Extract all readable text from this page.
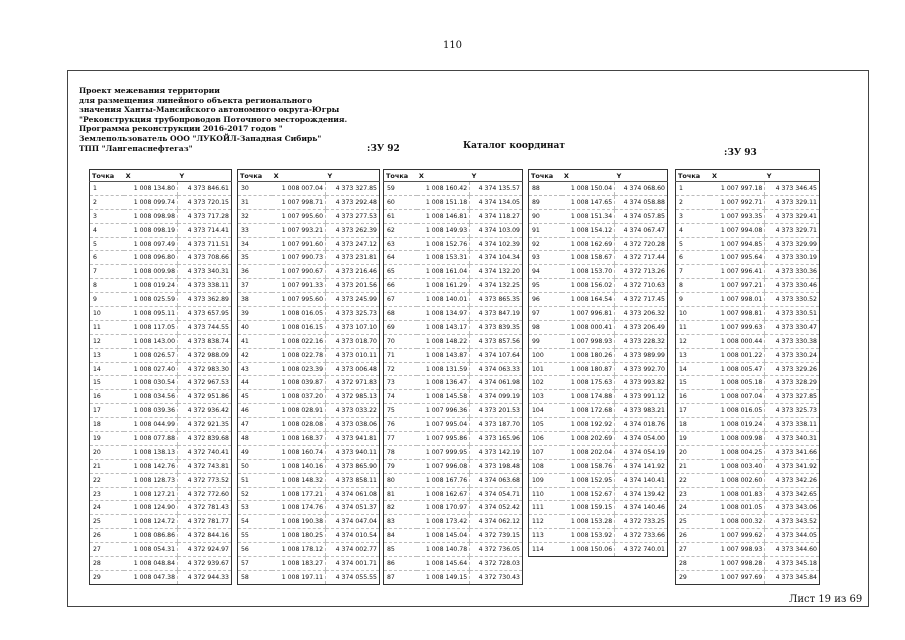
110
Проект межевания территории
для размещения линейного объекта регионального
значения Ханты-Мансийского автономного округа-Югры
"Реконструкция трубопроводов Поточного месторождения.
Программа реконструкции 2016-2017 годов "
Землепользователь ООО "ЛУКОЙЛ-Западная Сибирь"
ТПП "Лангепаснефтегаз"	:ЗУ 92	Каталог координат
:ЗУ 93
Точка	X	Y
1	1 008 134.80	4 373 846.61
2	1 008 099.74	4 373 720.15
3	1 008 098.98	4 373 717.28
4	1 008 098.19	4 373 714.41
5	1 008 097.49	4 373 711.51
6	1 008 096.80	4 373 708.66
7	1 008 009.98	4 373 340.31
8	1 008 019.24	4 373 338.11
9	1 008 025.59	4 373 362.89
10	1 008 095.11	4 373 657.95
11	1 008 117.05	4 373 744.55
12	1 008 143.00	4 373 838.74
13	1 008 026.57	4 372 988.09
14	1 008 027.40	4 372 983.30
15	1 008 030.54	4 372 967.53
16	1 008 034.56	4 372 951.86
17	1 008 039.36	4 372 936.42
18	1 008 044.99	4 372 921.35
19	1 008 077.88	4 372 839.68
20	1 008 138.13	4 372 740.41
21	1 008 142.76	4 372 743.81
22	1 008 128.73	4 372 773.52
23	1 008 127.21	4 372 772.60
24	1 008 124.90	4 372 781.43
25	1 008 124.72	4 372 781.77
26	1 008 086.86	4 372 844.16
27	1 008 054.31	4 372 924.97
28	1 008 048.84	4 372 939.67
29	1 008 047.38	4 372 944.33
Точка	X	Y
30	1 008 007.04	4 373 327.85
31	1 007 998.71	4 373 292.48
32	1 007 995.60	4 373 277.53
33	1 007 993.21	4 373 262.39
34	1 007 991.60	4 373 247.12
35	1 007 990.73	4 373 231.81
36	1 007 990.67	4 373 216.46
37	1 007 991.33	4 373 201.56
38	1 007 995.60	4 373 245.99
39	1 008 016.05	4 373 325.73
40	1 008 016.15	4 373 107.10
41	1 008 022.16	4 373 018.70
42	1 008 022.78	4 373 010.11
43	1 008 023.39	4 373 006.48
44	1 008 039.87	4 372 971.83
45	1 008 037.20	4 372 985.13
46	1 008 028.91	4 373 033.22
47	1 008 028.08	4 373 038.06
48	1 008 168.37	4 373 941.81
49	1 008 160.74	4 373 940.11
50	1 008 140.16	4 373 865.90
51	1 008 148.32	4 373 858.11
52	1 008 177.21	4 374 061.08
53	1 008 174.76	4 374 051.37
54	1 008 190.38	4 374 047.04
55	1 008 180.25	4 374 010.54
56	1 008 178.12	4 374 002.77
57	1 008 183.27	4 374 001.71
58	1 008 197.11	4 374 055.55
Точка	X	Y
59	1 008 160.42	4 374 135.57
60	1 008 151.18	4 374 134.05
61	1 008 146.81	4 374 118.27
62	1 008 149.93	4 374 103.09
63	1 008 152.76	4 374 102.39
64	1 008 153.31	4 374 104.34
65	1 008 161.04	4 374 132.20
66	1 008 161.29	4 374 132.25
67	1 008 140.01	4 373 865.35
68	1 008 134.97	4 373 847.19
69	1 008 143.17	4 373 839.35
70	1 008 148.22	4 373 857.56
71	1 008 143.87	4 374 107.64
72	1 008 131.59	4 374 063.33
73	1 008 136.47	4 374 061.98
74	1 008 145.58	4 374 099.19
75	1 007 996.36	4 373 201.53
76	1 007 995.04	4 373 187.70
77	1 007 995.86	4 373 165.96
78	1 007 999.95	4 373 142.19
79	1 007 996.08	4 373 198.48
80	1 008 167.76	4 374 063.68
81	1 008 162.67	4 374 054.71
82	1 008 170.97	4 374 052.42
83	1 008 173.42	4 374 062.12
84	1 008 145.04	4 372 739.15
85	1 008 140.78	4 372 736.05
86	1 008 145.64	4 372 728.03
87	1 008 149.15	4 372 730.43
Точка	X	Y
88	1 008 150.04	4 374 068.60
89	1 008 147.65	4 374 058.88
90	1 008 151.34	4 374 057.85
91	1 008 154.12	4 374 067.47
92	1 008 162.69	4 372 720.28
93	1 008 158.67	4 372 717.44
94	1 008 153.70	4 372 713.26
95	1 008 156.02	4 372 710.63
96	1 008 164.54	4 372 717.45
97	1 007 996.81	4 373 206.32
98	1 008 000.41	4 373 206.49
99	1 007 998.93	4 373 228.32
100	1 008 180.26	4 373 989.99
101	1 008 180.87	4 373 992.70
102	1 008 175.63	4 373 993.82
103	1 008 174.88	4 373 991.12
104	1 008 172.68	4 373 983.21
105	1 008 192.92	4 374 018.76
106	1 008 202.69	4 374 054.00
107	1 008 202.04	4 374 054.19
108	1 008 158.76	4 374 141.92
109	1 008 152.95	4 374 140.41
110	1 008 152.67	4 374 139.42
111	1 008 159.15	4 374 140.46
112	1 008 153.28	4 372 733.25
113	1 008 153.92	4 372 733.66
114	1 008 150.06	4 372 740.01
Точка	X	Y
1	1 007 997.18	4 373 346.45
2	1 007 992.71	4 373 329.11
3	1 007 993.35	4 373 329.41
4	1 007 994.08	4 373 329.71
5	1 007 994.85	4 373 329.99
6	1 007 995.64	4 373 330.19
7	1 007 996.41	4 373 330.36
8	1 007 997.21	4 373 330.46
9	1 007 998.01	4 373 330.52
10	1 007 998.81	4 373 330.51
11	1 007 999.63	4 373 330.47
12	1 008 000.44	4 373 330.38
13	1 008 001.22	4 373 330.24
14	1 008 005.47	4 373 329.26
15	1 008 005.18	4 373 328.29
16	1 008 007.04	4 373 327.85
17	1 008 016.05	4 373 325.73
18	1 008 019.24	4 373 338.11
19	1 008 009.98	4 373 340.31
20	1 008 004.25	4 373 341.66
21	1 008 003.40	4 373 341.92
22	1 008 002.60	4 373 342.26
23	1 008 001.83	4 373 342.65
24	1 008 001.05	4 373 343.06
25	1 008 000.32	4 373 343.52
26	1 007 999.62	4 373 344.05
27	1 007 998.93	4 373 344.60
28	1 007 998.28	4 373 345.18
29	1 007 997.69	4 373 345.84
Лист 19 из 69
